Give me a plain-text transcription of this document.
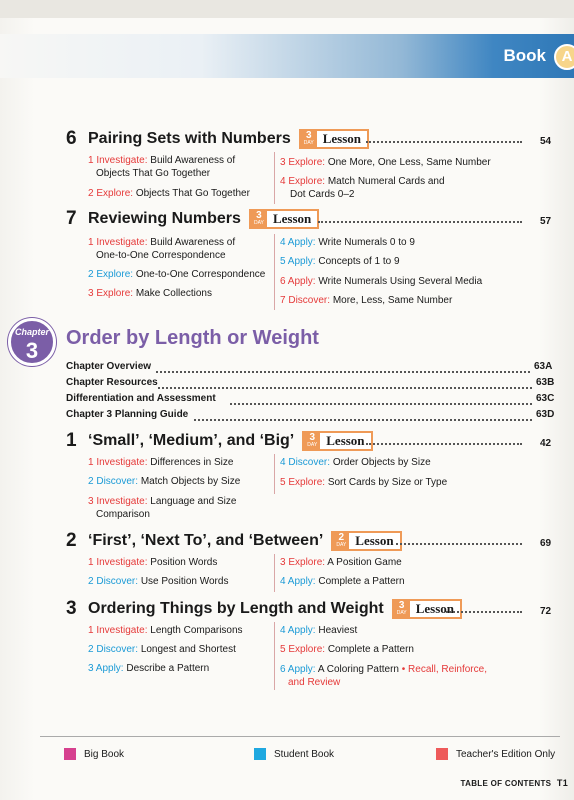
Book	A
6 Pairing Sets with Numbers 3
DAY Lesson	54
1 Investigate: Build Awareness of
Objects That Go Together
2 Explore: Objects That Go Together
3 Explore: One More, One Less, Same Number
4 Explore: Match Numeral Cards and
Dot Cards 0–2
7 Reviewing Numbers 3
DAY Lesson	57
1 Investigate: Build Awareness of
One-to-One Correspondence
2 Explore: One-to-One Correspondence
3 Explore: Make Collections
4 Apply: Write Numerals 0 to 9
5 Apply: Concepts of 1 to 9
6 Apply: Write Numerals Using Several Media
7 Discover: More, Less, Same Number
Chapter
3	Order by Length or Weight
Chapter Overview	63A
Chapter Resources	63B
Differentiation and Assessment	63C
Chapter 3 Planning Guide	63D
1 ‘Small’, ‘Medium’, and ‘Big’ 3
DAY Lesson	42
1 Investigate: Differences in Size
2 Discover: Match Objects by Size
3 Investigate: Language and Size
Comparison
4 Discover: Order Objects by Size
5 Explore: Sort Cards by Size or Type
2 ‘First’, ‘Next To’, and ‘Between’ 2
DAY Lesson	69
1 Investigate: Position Words
2 Discover: Use Position Words
3 Explore: A Position Game
4 Apply: Complete a Pattern
3 Ordering Things by Length and Weight 3
DAY Lesson	72
1 Investigate: Length Comparisons
2 Discover: Longest and Shortest
3 Apply: Describe a Pattern
4 Apply: Heaviest
5 Explore: Complete a Pattern
6 Apply: A Coloring Pattern • Recall, Reinforce,
and Review
Big Book	Student Book	Teacher's Edition Only
TABLE OF CONTENTS T1
